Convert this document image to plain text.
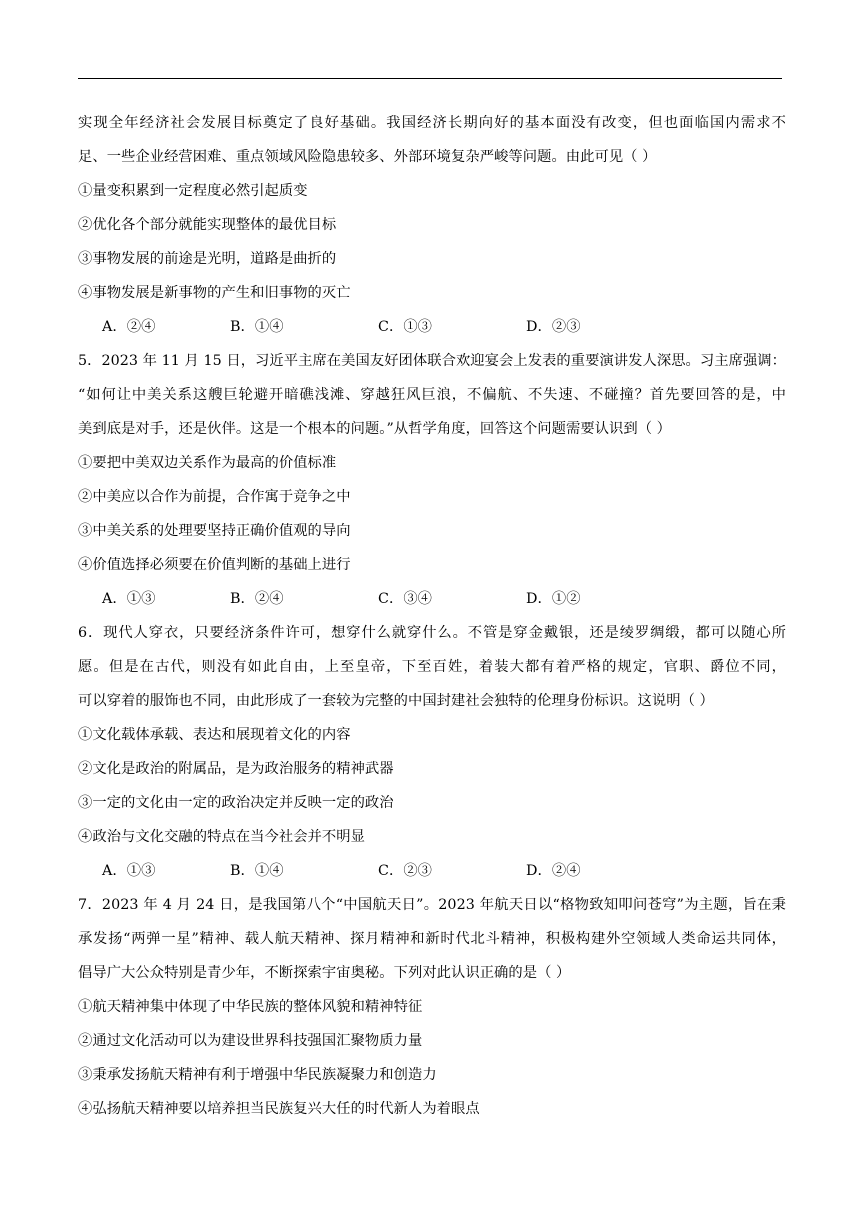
实现全年经济社会发展目标奠定了良好基础。我国经济长期向好的基本面没有改变，但也面临国内需求不
足、一些企业经营困难、重点领域风险隐患较多、外部环境复杂严峻等问题。由此可见（ ）
①量变积累到一定程度必然引起质变
②优化各个部分就能实现整体的最优目标
③事物发展的前途是光明，道路是曲折的
④事物发展是新事物的产生和旧事物的灭亡
A．②④	B．①④	C．①③	D．②③
5．2023 年 11 月 15 日，习近平主席在美国友好团体联合欢迎宴会上发表的重要演讲发人深思。习主席强调：
“如何让中美关系这艘巨轮避开暗礁浅滩、穿越狂风巨浪，不偏航、不失速、不碰撞？首先要回答的是，中
美到底是对手，还是伙伴。这是一个根本的问题。”从哲学角度，回答这个问题需要认识到（ ）
①要把中美双边关系作为最高的价值标准
②中美应以合作为前提，合作寓于竞争之中
③中美关系的处理要坚持正确价值观的导向
④价值选择必须要在价值判断的基础上进行
A．①③	B．②④	C．③④	D．①②
6．现代人穿衣，只要经济条件许可，想穿什么就穿什么。不管是穿金戴银，还是绫罗绸缎，都可以随心所
愿。但是在古代，则没有如此自由，上至皇帝，下至百姓，着装大都有着严格的规定，官职、爵位不同，
可以穿着的服饰也不同，由此形成了一套较为完整的中国封建社会独特的伦理身份标识。这说明（ ）
①文化载体承载、表达和展现着文化的内容
②文化是政治的附属品，是为政治服务的精神武器
③一定的文化由一定的政治决定并反映一定的政治
④政治与文化交融的特点在当今社会并不明显
A．①③	B．①④	C．②③	D．②④
7．2023 年 4 月 24 日，是我国第八个“中国航天日”。2023 年航天日以“格物致知叩问苍穹”为主题，旨在秉
承发扬“两弹一星”精神、载人航天精神、探月精神和新时代北斗精神，积极构建外空领域人类命运共同体，
倡导广大公众特别是青少年，不断探索宇宙奥秘。下列对此认识正确的是（ ）
①航天精神集中体现了中华民族的整体风貌和精神特征
②通过文化活动可以为建设世界科技强国汇聚物质力量
③秉承发扬航天精神有利于增强中华民族凝聚力和创造力
④弘扬航天精神要以培养担当民族复兴大任的时代新人为着眼点
